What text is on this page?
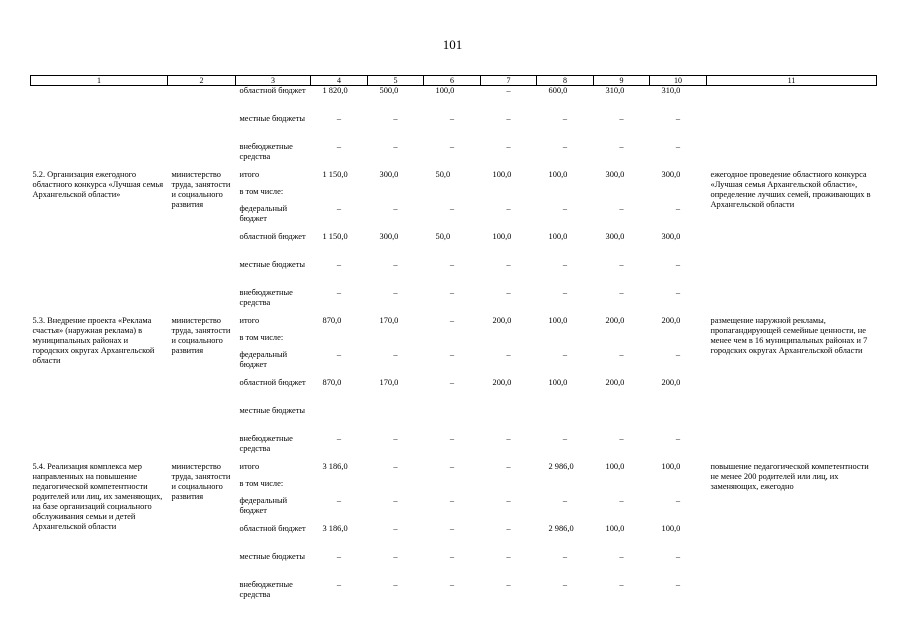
101
1	2	3	4	5	6	7	8	9	10	11
		областной бюджет	1 820,0	500,0	100,0	–	600,0	310,0	310,0	
		местные бюджеты	–	–	–	–	–	–	–	
		внебюджетные средства	–	–	–	–	–	–	–	
5.2. Организация ежегодного областного конкурса «Лучшая семья Архангельской области»	министерство труда, занятости и социального развития	итого	1 150,0	300,0	50,0	100,0	100,0	300,0	300,0	ежегодное проведение областного конкурса «Лучшая семья Архангельской области», определение лучших семей, проживающих в Архангельской области
		в том числе:								
		федеральный бюджет	–	–	–	–	–	–	–	
		областной бюджет	1 150,0	300,0	50,0	100,0	100,0	300,0	300,0	
		местные бюджеты	–	–	–	–	–	–	–	
		внебюджетные средства	–	–	–	–	–	–	–	
5.3. Внедрение проекта «Реклама счастья» (наружная реклама) в муниципальных районах и городских округах Архангельской области	министерство труда, занятости и социального развития	итого	870,0	170,0	–	200,0	100,0	200,0	200,0	размещение наружной рекламы, пропагандирующей семейные ценности, не менее чем в 16 муниципальных районах и 7 городских округах Архангельской области
		в том числе:								
		федеральный бюджет	–	–	–	–	–	–	–	
		областной бюджет	870,0	170,0	–	200,0	100,0	200,0	200,0	
		местные бюджеты								
		внебюджетные средства	–	–	–	–	–	–	–	
5.4. Реализация комплекса мер направленных на повышение педагогической компетентности родителей или лиц, их заменяющих, на базе организаций социального обслуживания семьи и детей Архангельской области	министерство труда, занятости и социального развития	итого	3 186,0	–	–	–	2 986,0	100,0	100,0	повышение педагогической компетентности не менее 200 родителей или лиц, их заменяющих, ежегодно
		в том числе:								
		федеральный бюджет	–	–	–	–	–	–	–	
		областной бюджет	3 186,0	–	–	–	2 986,0	100,0	100,0	
		местные бюджеты	–	–	–	–	–	–	–	
		внебюджетные средства	–	–	–	–	–	–	–	
